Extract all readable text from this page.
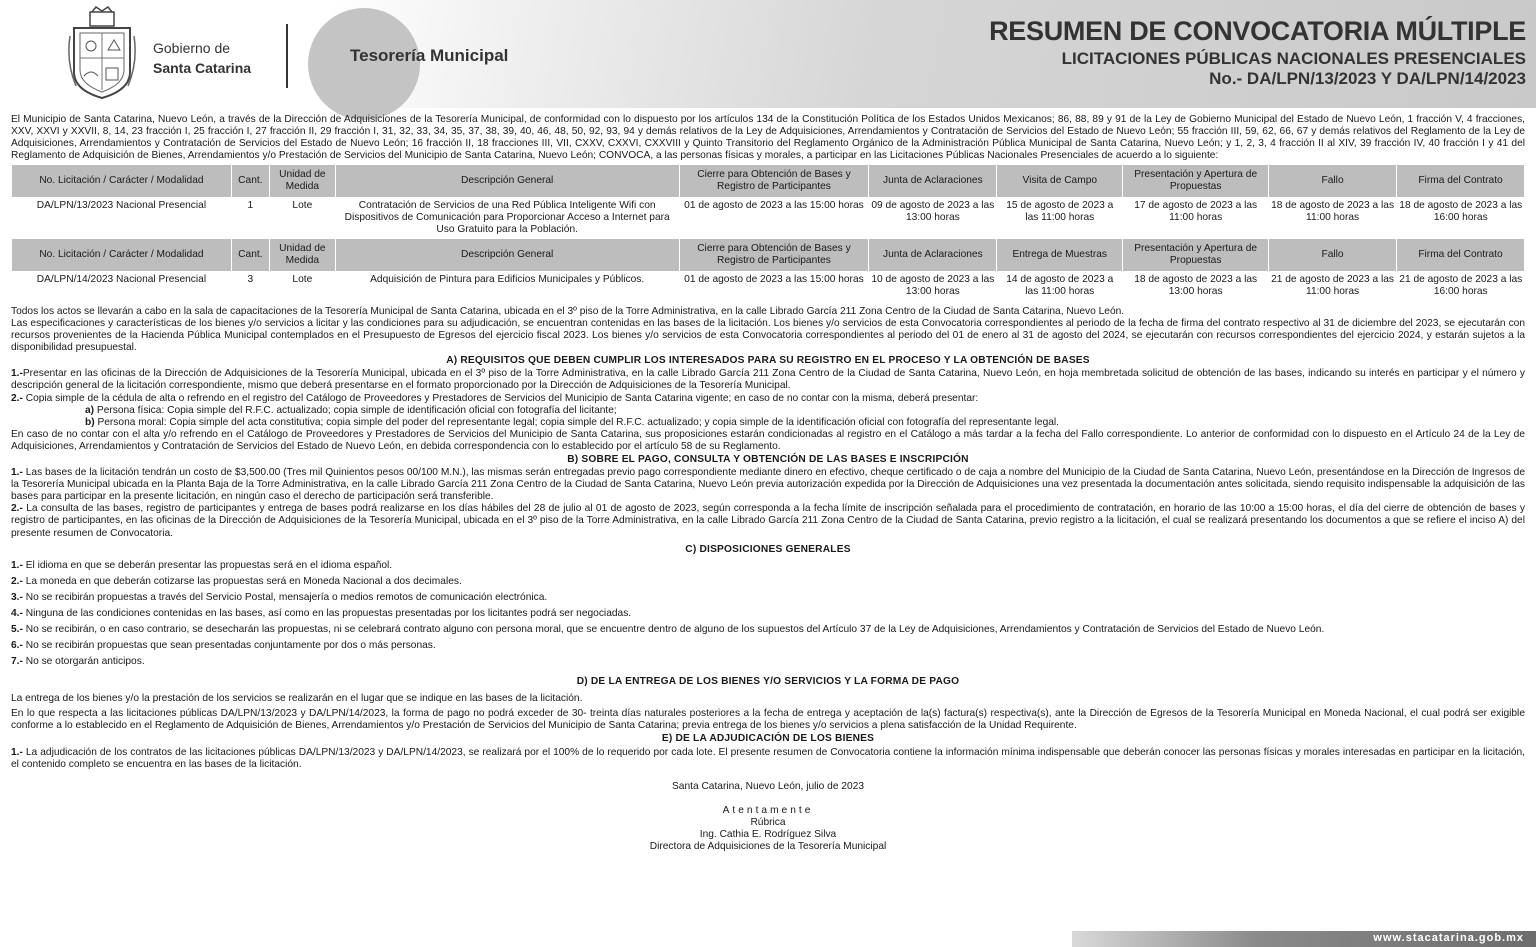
Gobierno de
Santa Catarina
Tesorería Municipal
RESUMEN DE CONVOCATORIA MÚLTIPLE
LICITACIONES PÚBLICAS NACIONALES PRESENCIALES
No.- DA/LPN/13/2023 Y DA/LPN/14/2023

El Municipio de Santa Catarina, Nuevo León, a través de la Dirección de Adquisiciones de la Tesorería Municipal, de conformidad con lo dispuesto por los artículos 134 de la Constitución Política de los Estados Unidos Mexicanos; 86, 88, 89 y 91 de la Ley de Gobierno Municipal del Estado de Nuevo León, 1 fracción V, 4 fracciones, XXV, XXVI y XXVII, 8, 14, 23 fracción I, 25 fracción I, 27 fracción II, 29 fracción I, 31, 32, 33, 34, 35, 37, 38, 39, 40, 46, 48, 50, 92, 93, 94 y demás relativos de la Ley de Adquisiciones, Arrendamientos y Contratación de Servicios del Estado de Nuevo León; 55 fracción III, 59, 62, 66, 67 y demás relativos del Reglamento de la Ley de Adquisiciones, Arrendamientos y Contratación de Servicios del Estado de Nuevo León; 16 fracción II, 18 fracciones III, VII, CXXV, CXXVI, CXXVIII y Quinto Transitorio del Reglamento Orgánico de la Administración Pública Municipal de Santa Catarina, Nuevo León; y 1, 2, 3, 4 fracción II al XIV, 39 fracción IV, 40 fracción I y 41 del Reglamento de Adquisición de Bienes, Arrendamientos y/o Prestación de Servicios del Municipio de Santa Catarina, Nuevo León; CONVOCA, a las personas físicas y morales, a participar en las Licitaciones Públicas Nacionales Presenciales de acuerdo a lo siguiente:

No. Licitación / Carácter / Modalidad	Cant.	Unidad de Medida	Descripción General	Cierre para Obtención de Bases y Registro de Participantes	Junta de Aclaraciones	Visita de Campo	Presentación y Apertura de Propuestas	Fallo	Firma del Contrato
DA/LPN/13/2023 Nacional Presencial	1	Lote	Contratación de Servicios de una Red Pública Inteligente Wifi con Dispositivos de Comunicación para Proporcionar Acceso a Internet para Uso Gratuito para la Población.	01 de agosto de 2023 a las 15:00 horas	09 de agosto de 2023 a las 13:00 horas	15 de agosto de 2023 a las 11:00 horas	17 de agosto de 2023 a las 11:00 horas	18 de agosto de 2023 a las 11:00 horas	18 de agosto de 2023 a las 16:00 horas
No. Licitación / Carácter / Modalidad	Cant.	Unidad de Medida	Descripción General	Cierre para Obtención de Bases y Registro de Participantes	Junta de Aclaraciones	Entrega de Muestras	Presentación y Apertura de Propuestas	Fallo	Firma del Contrato
DA/LPN/14/2023 Nacional Presencial	3	Lote	Adquisición de Pintura para Edificios Municipales y Públicos.	01 de agosto de 2023 a las 15:00 horas	10 de agosto de 2023 a las 13:00 horas	14 de agosto de 2023 a las 11:00 horas	18 de agosto de 2023 a las 13:00 horas	21 de agosto de 2023 a las 11:00 horas	21 de agosto de 2023 a las 16:00 horas

Todos los actos se llevarán a cabo en la sala de capacitaciones de la Tesorería Municipal de Santa Catarina, ubicada en el 3º piso de la Torre Administrativa, en la calle Librado García 211 Zona Centro de la Ciudad de Santa Catarina, Nuevo León.

Las especificaciones y características de los bienes y/o servicios a licitar y las condiciones para su adjudicación, se encuentran contenidas en las bases de la licitación. Los bienes y/o servicios de esta Convocatoria correspondientes al periodo de la fecha de firma del contrato respectivo al 31 de diciembre del 2023, se ejecutarán con recursos provenientes de la Hacienda Pública Municipal contemplados en el Presupuesto de Egresos del ejercicio fiscal 2023. Los bienes y/o servicios de esta Convocatoria correspondientes al periodo del 01 de enero al 31 de agosto del 2024, se ejecutarán con recursos correspondientes del ejercicio 2024, y estarán sujetos a la disponibilidad presupuestal.

A) REQUISITOS QUE DEBEN CUMPLIR LOS INTERESADOS PARA SU REGISTRO EN EL PROCESO Y LA OBTENCIÓN DE BASES

1.-Presentar en las oficinas de la Dirección de Adquisiciones de la Tesorería Municipal, ubicada en el 3º piso de la Torre Administrativa, en la calle Librado García 211 Zona Centro de la Ciudad de Santa Catarina, Nuevo León, en hoja membretada solicitud de obtención de las bases, indicando su interés en participar y el número y descripción general de la licitación correspondiente, mismo que deberá presentarse en el formato proporcionado por la Dirección de Adquisiciones de la Tesorería Municipal.

2.- Copia simple de la cédula de alta o refrendo en el registro del Catálogo de Proveedores y Prestadores de Servicios del Municipio de Santa Catarina vigente; en caso de no contar con la misma, deberá presentar:

a) Persona física: Copia simple del R.F.C. actualizado; copia simple de identificación oficial con fotografía del licitante;

b) Persona moral: Copia simple del acta constitutiva; copia simple del poder del representante legal; copia simple del R.F.C. actualizado; y copia simple de la identificación oficial con fotografía del representante legal.

En caso de no contar con el alta y/o refrendo en el Catálogo de Proveedores y Prestadores de Servicios del Municipio de Santa Catarina, sus proposiciones estarán condicionadas al registro en el Catálogo a más tardar a la fecha del Fallo correspondiente. Lo anterior de conformidad con lo dispuesto en el Artículo 24 de la Ley de Adquisiciones, Arrendamientos y Contratación de Servicios del Estado de Nuevo León, en debida correspondencia con lo establecido por el artículo 58 de su Reglamento.

B) SOBRE EL PAGO, CONSULTA Y OBTENCIÓN DE LAS BASES E INSCRIPCIÓN

1.- Las bases de la licitación tendrán un costo de $3,500.00 (Tres mil Quinientos pesos 00/100 M.N.), las mismas serán entregadas previo pago correspondiente mediante dinero en efectivo, cheque certificado o de caja a nombre del Municipio de la Ciudad de Santa Catarina, Nuevo León, presentándose en la Dirección de Ingresos de la Tesorería Municipal ubicada en la Planta Baja de la Torre Administrativa, en la calle Librado García 211 Zona Centro de la Ciudad de Santa Catarina, Nuevo León previa autorización expedida por la Dirección de Adquisiciones una vez presentada la documentación antes solicitada, siendo requisito indispensable la adquisición de las bases para participar en la presente licitación, en ningún caso el derecho de participación será transferible.

2.- La consulta de las bases, registro de participantes y entrega de bases podrá realizarse en los días hábiles del 28 de julio al 01 de agosto de 2023, según corresponda a la fecha límite de inscripción señalada para el procedimiento de contratación, en horario de las 10:00 a 15:00 horas, el día del cierre de obtención de bases y registro de participantes, en las oficinas de la Dirección de Adquisiciones de la Tesorería Municipal, ubicada en el 3º piso de la Torre Administrativa, en la calle Librado García 211 Zona Centro de la Ciudad de Santa Catarina, previo registro a la licitación, el cual se realizará presentando los documentos a que se refiere el inciso A) del presente resumen de Convocatoria.

C) DISPOSICIONES GENERALES

1.- El idioma en que se deberán presentar las propuestas será en el idioma español.

2.- La moneda en que deberán cotizarse las propuestas será en Moneda Nacional a dos decimales.

3.- No se recibirán propuestas a través del Servicio Postal, mensajería o medios remotos de comunicación electrónica.

4.- Ninguna de las condiciones contenidas en las bases, así como en las propuestas presentadas por los licitantes podrá ser negociadas.

5.- No se recibirán, o en caso contrario, se desecharán las propuestas, ni se celebrará contrato alguno con persona moral, que se encuentre dentro de alguno de los supuestos del Artículo 37 de la Ley de Adquisiciones, Arrendamientos y Contratación de Servicios del Estado de Nuevo León.

6.- No se recibirán propuestas que sean presentadas conjuntamente por dos o más personas.

7.- No se otorgarán anticipos.

D) DE LA ENTREGA DE LOS BIENES Y/O SERVICIOS Y LA FORMA DE PAGO

La entrega de los bienes y/o la prestación de los servicios se realizarán en el lugar que se indique en las bases de la licitación.

En lo que respecta a las licitaciones públicas DA/LPN/13/2023 y DA/LPN/14/2023, la forma de pago no podrá exceder de 30- treinta días naturales posteriores a la fecha de entrega y aceptación de la(s) factura(s) respectiva(s), ante la Dirección de Egresos de la Tesorería Municipal en Moneda Nacional, el cual podrá ser exigible conforme a lo establecido en el Reglamento de Adquisición de Bienes, Arrendamientos y/o Prestación de Servicios del Municipio de Santa Catarina; previa entrega de los bienes y/o servicios a plena satisfacción de la Unidad Requirente.

E) DE LA ADJUDICACIÓN DE LOS BIENES

1.- La adjudicación de los contratos de las licitaciones públicas DA/LPN/13/2023 y DA/LPN/14/2023, se realizará por el 100% de lo requerido por cada lote. El presente resumen de Convocatoria contiene la información mínima indispensable que deberán conocer las personas físicas y morales interesadas en participar en la licitación, el contenido completo se encuentra en las bases de la licitación.

Santa Catarina, Nuevo León, julio de 2023
Atentamente
Rúbrica
Ing. Cathia E. Rodríguez Silva
Directora de Adquisiciones de la Tesorería Municipal
www.stacatarina.gob.mx
